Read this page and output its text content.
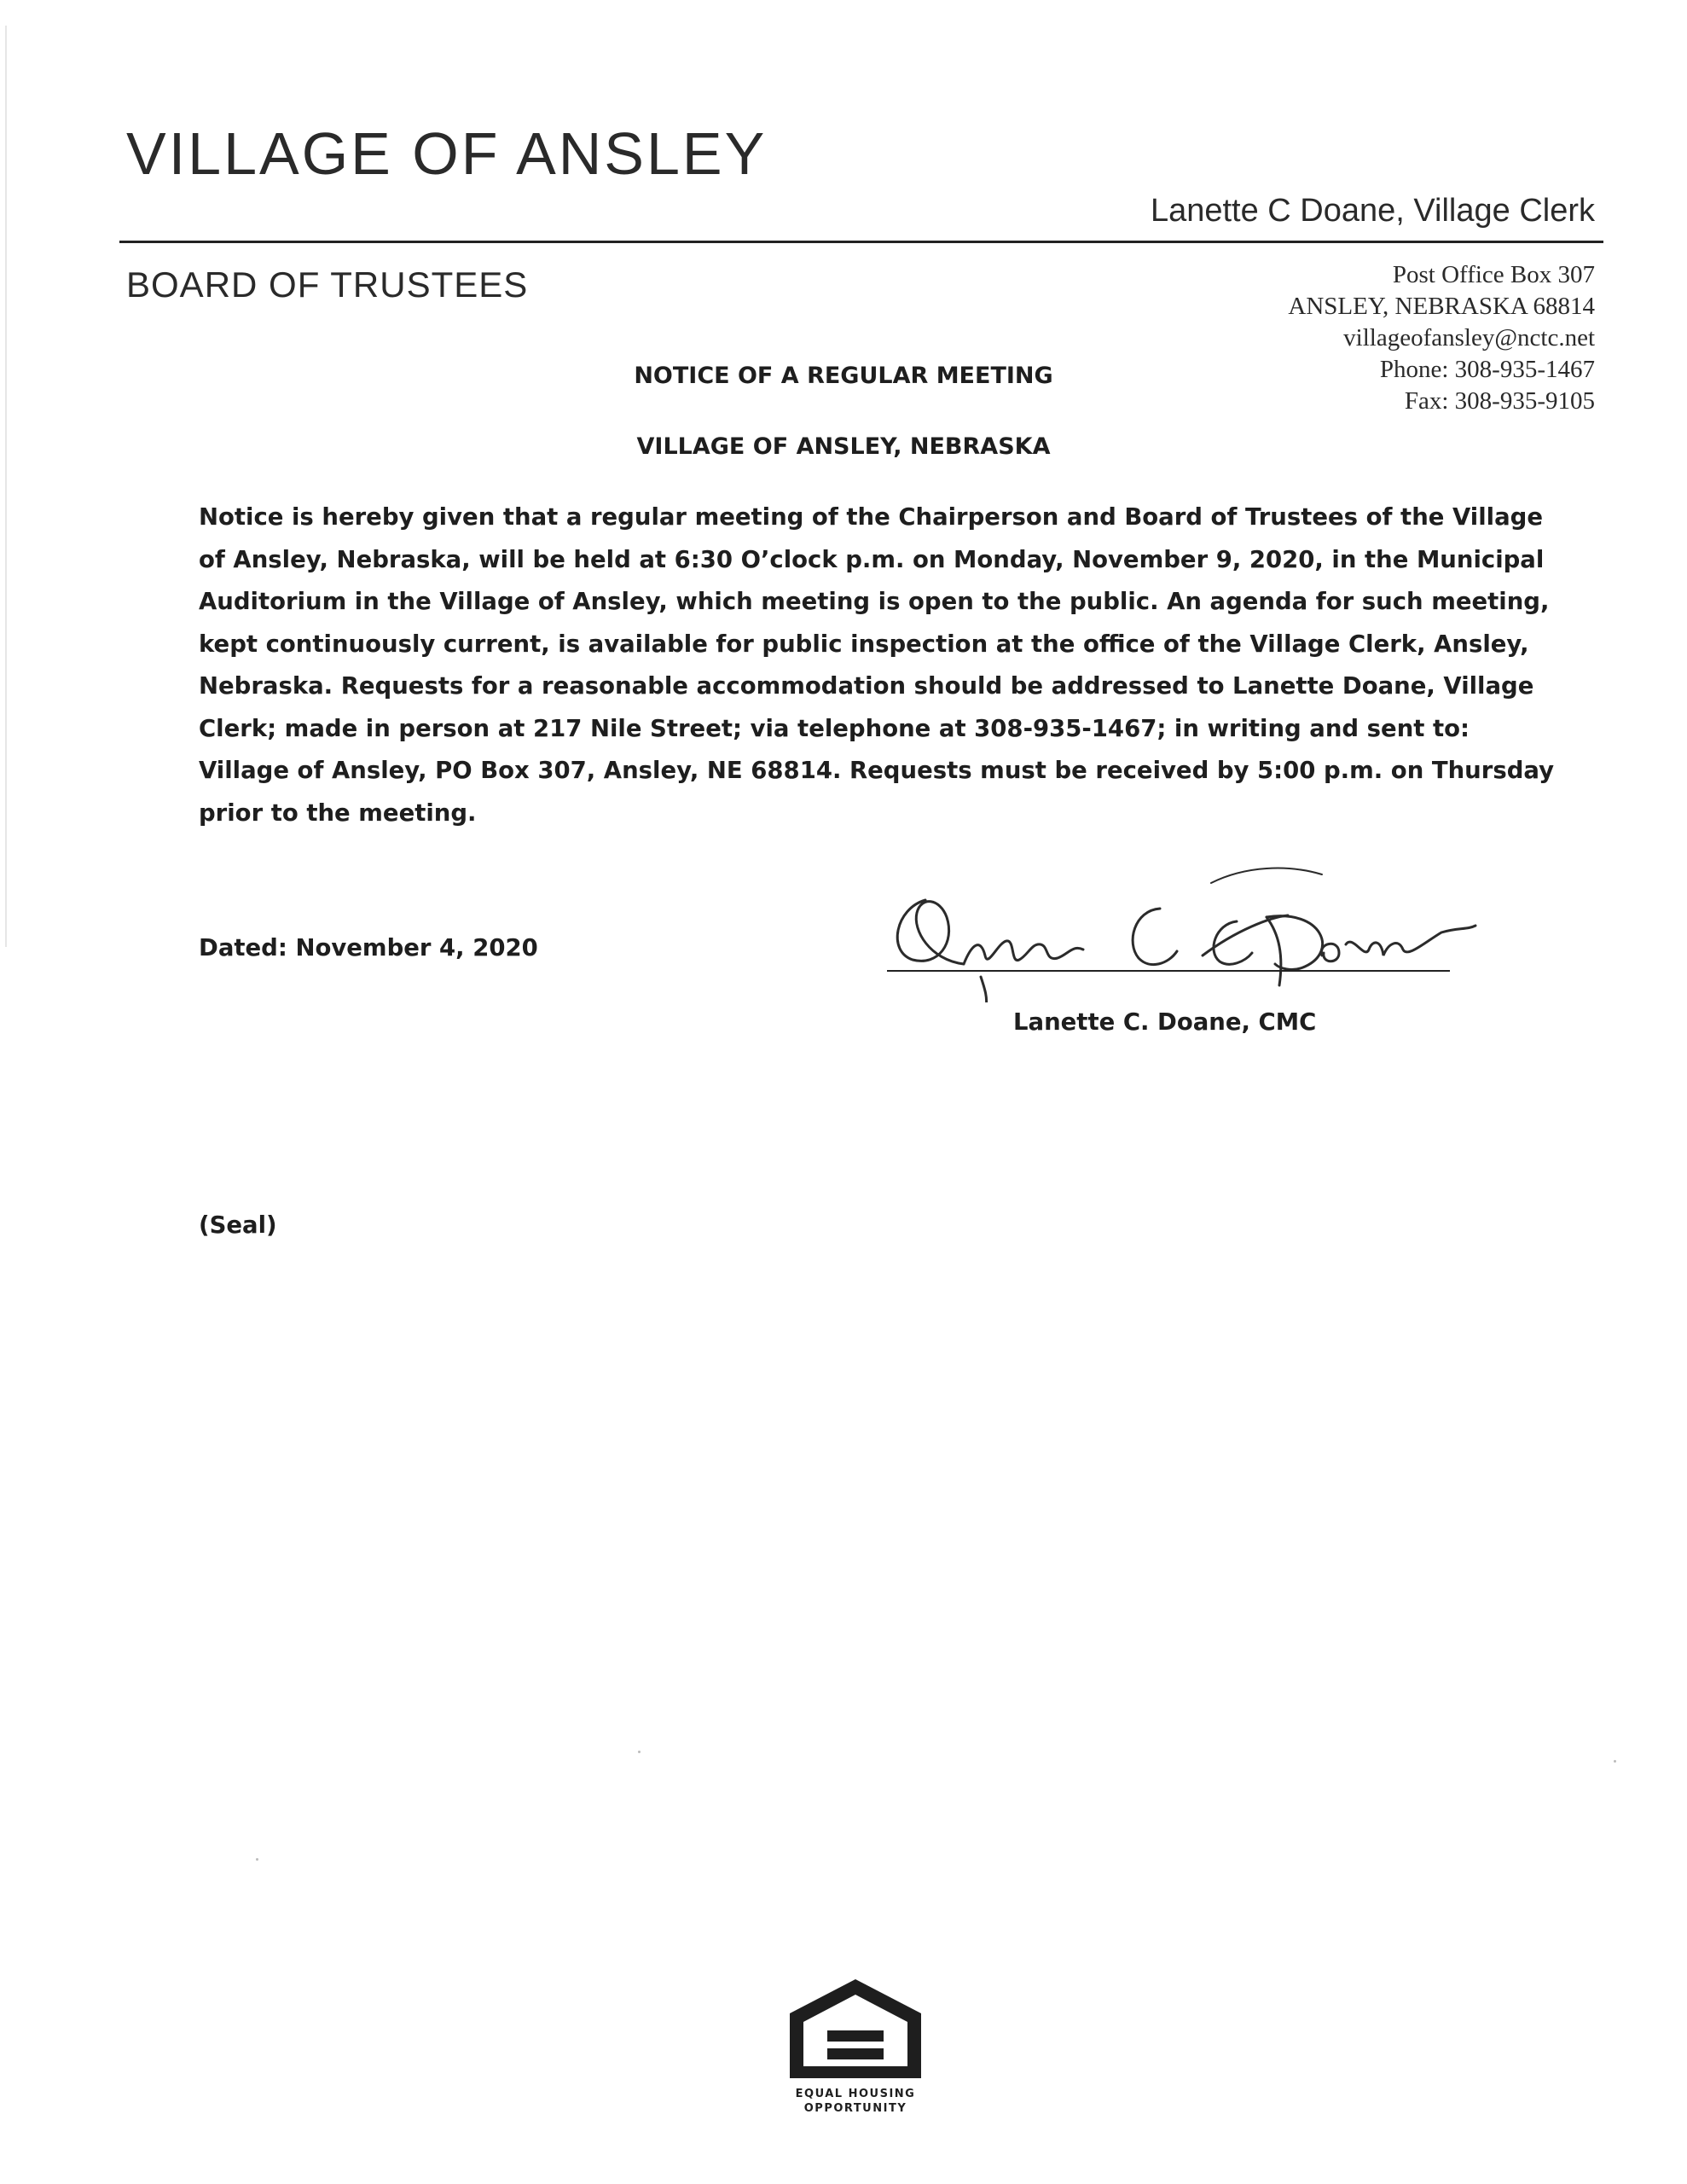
VILLAGE OF ANSLEY
Lanette C Doane, Village Clerk
BOARD OF TRUSTEES	Post Office Box 307
ANSLEY, NEBRASKA 68814
villageofansley@nctc.net
Phone: 308-935-1467
Fax: 308-935-9105
NOTICE OF A REGULAR MEETING
VILLAGE OF ANSLEY, NEBRASKA
Notice is hereby given that a regular meeting of the Chairperson and Board of Trustees of the Village
of Ansley, Nebraska, will be held at 6:30 O’clock p.m. on Monday, November 9, 2020, in the Municipal
Auditorium in the Village of Ansley, which meeting is open to the public. An agenda for such meeting,
kept continuously current, is available for public inspection at the office of the Village Clerk, Ansley,
Nebraska. Requests for a reasonable accommodation should be addressed to Lanette Doane, Village
Clerk; made in person at 217 Nile Street; via telephone at 308-935-1467; in writing and sent to:
Village of Ansley, PO Box 307, Ansley, NE 68814. Requests must be received by 5:00 p.m. on Thursday
prior to the meeting.
Dated: November 4, 2020
Lanette C. Doane, CMC
(Seal)
EQUAL HOUSING
OPPORTUNITY
